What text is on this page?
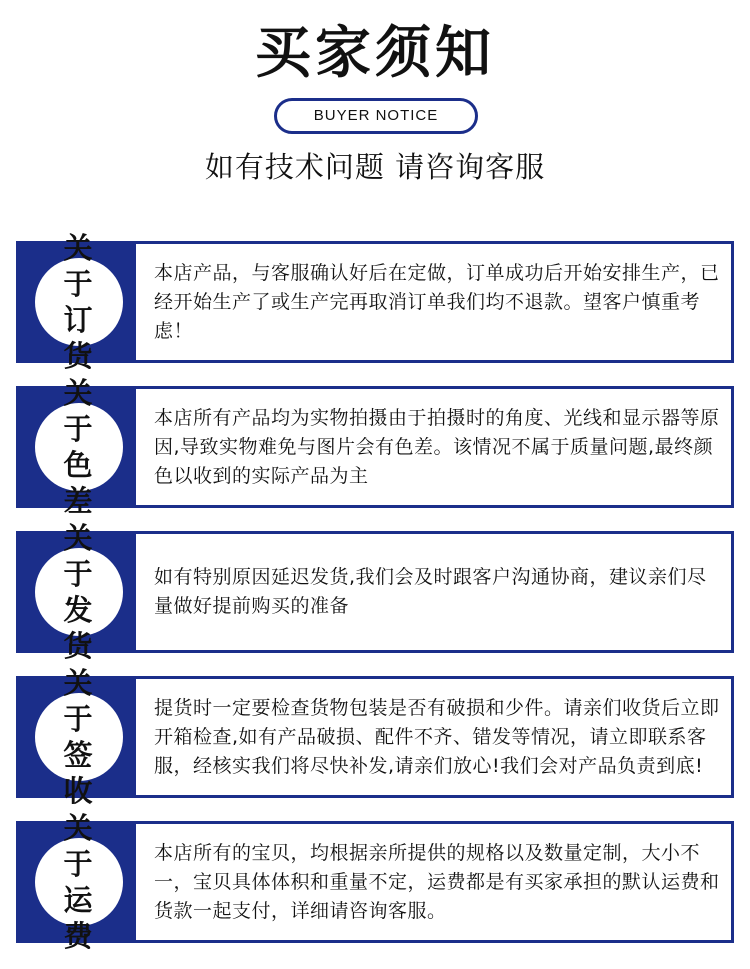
买家须知
BUYER NOTICE
如有技术问题 请咨询客服
关于订货
本店产品，与客服确认好后在定做，订单成功后开始安排生产，已经开始生产了或生产完再取消订单我们均不退款。望客户慎重考虑！
关于色差
本店所有产品均为实物拍摄由于拍摄时的角度、光线和显示器等原因,导致实物难免与图片会有色差。该情况不属于质量问题,最终颜色以收到的实际产品为主
关于发货
如有特别原因延迟发货,我们会及时跟客户沟通协商，建议亲们尽量做好提前购买的准备
关于签收
提货时一定要检查货物包装是否有破损和少件。请亲们收货后立即开箱检查,如有产品破损、配件不齐、错发等情况，请立即联系客服，经核实我们将尽快补发,请亲们放心!我们会对产品负责到底!
关于运费
本店所有的宝贝，均根据亲所提供的规格以及数量定制，大小不一，宝贝具体体积和重量不定，运费都是有买家承担的默认运费和货款一起支付，详细请咨询客服。
